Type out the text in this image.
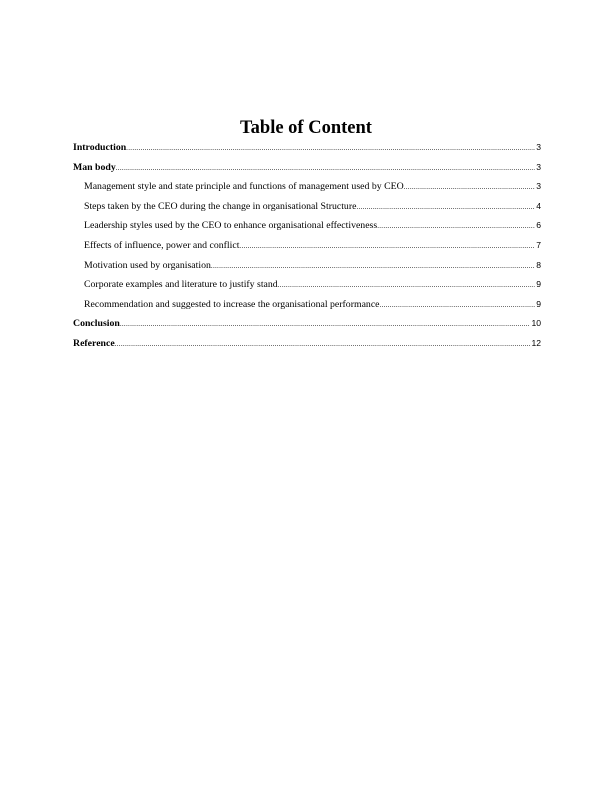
Table of Content
Introduction .....	3
Man body .....	3
Management style and state principle and functions of management used by CEO .....	3
Steps taken by the CEO during the change in organisational Structure .....	4
Leadership styles used by the CEO to enhance organisational effectiveness .....	6
Effects of influence, power and conflict .....	7
Motivation used by organisation .....	8
Corporate examples and literature to justify stand .....	9
Recommendation and suggested to increase the organisational performance .....	9
Conclusion .....	10
Reference .....	12
